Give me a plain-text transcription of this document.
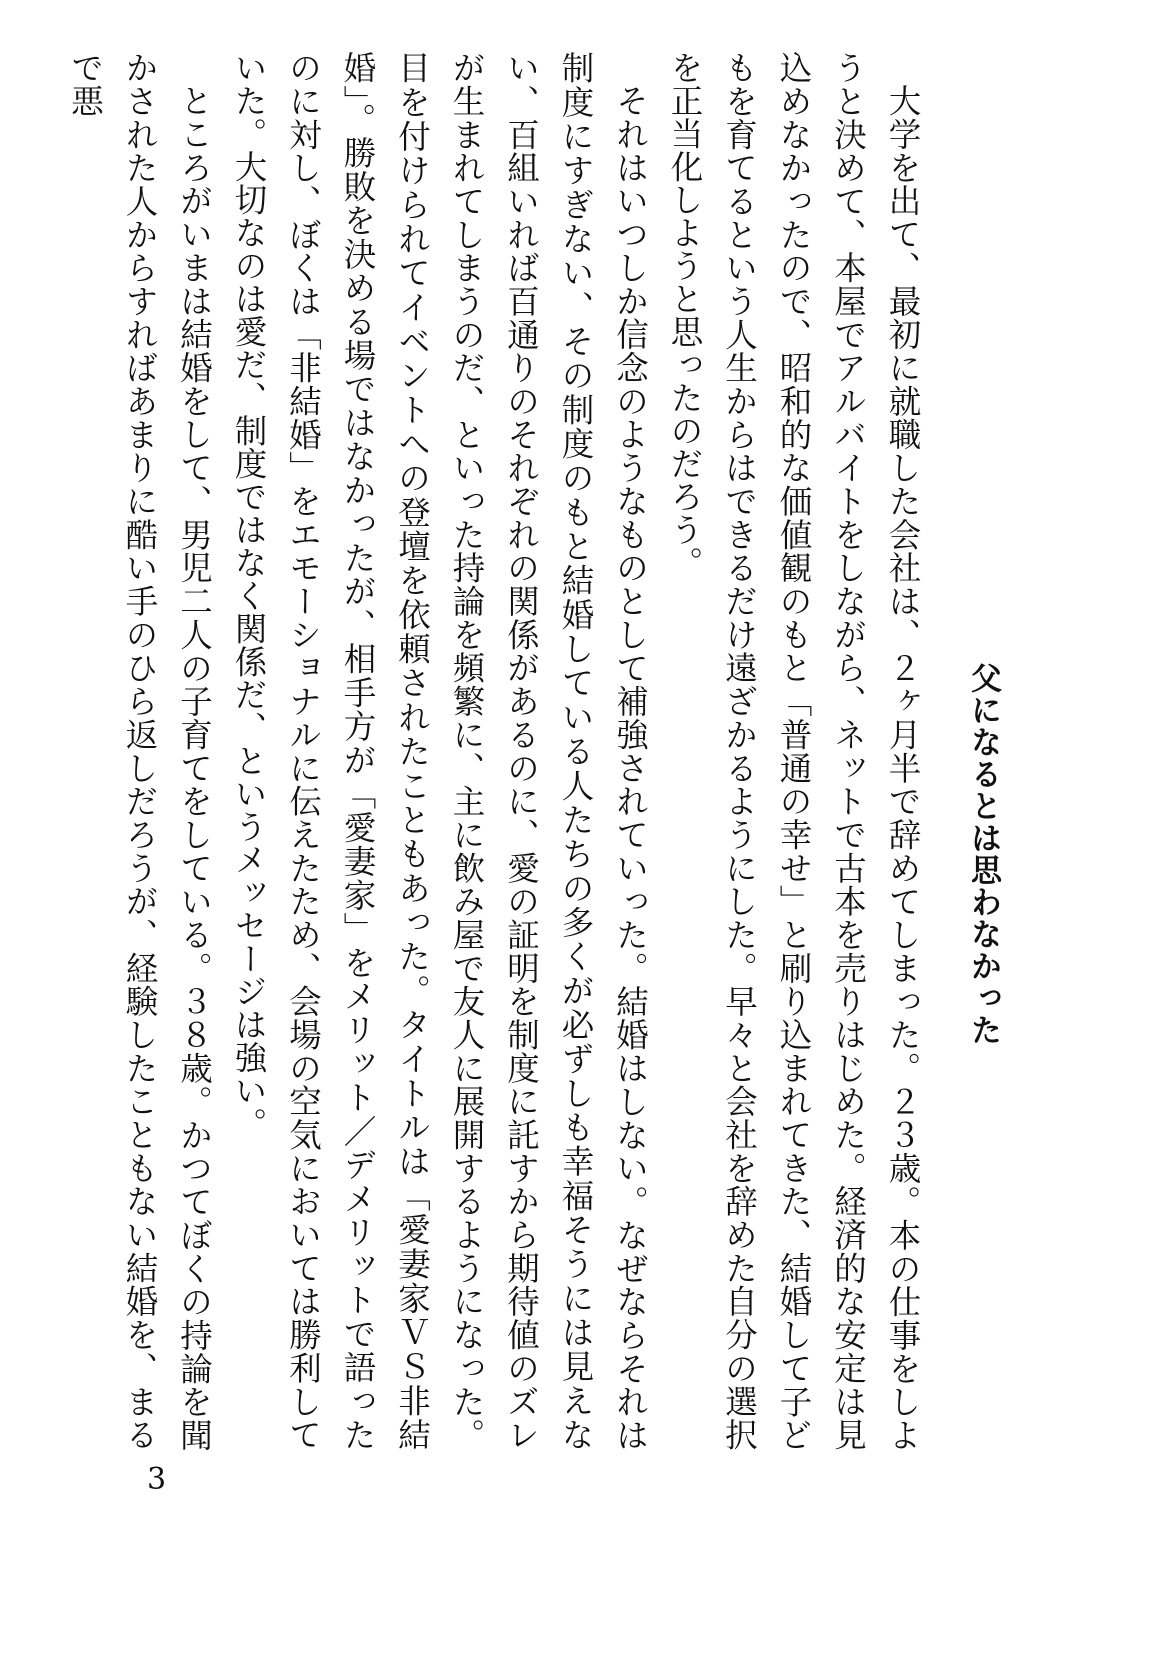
父になるとは思わなかった

大学を出て、最初に就職した会社は、２ヶ月半で辞めてしまった。２３歳。本の仕事をしようと決めて、本屋でアルバイトをしながら、ネットで古本を売りはじめた。経済的な安定は見込めなかったので、昭和的な価値観のもと「普通の幸せ」と刷り込まれてきた、結婚して子どもを育てるという人生からはできるだけ遠ざかるようにした。早々と会社を辞めた自分の選択を正当化しようと思ったのだろう。

それはいつしか信念のようなものとして補強されていった。結婚はしない。なぜならそれは制度にすぎない、その制度のもと結婚している人たちの多くが必ずしも幸福そうには見えない、百組いれば百通りのそれぞれの関係があるのに、愛の証明を制度に託すから期待値のズレが生まれてしまうのだ、といった持論を頻繁に、主に飲み屋で友人に展開するようになった。目を付けられてイベントへの登壇を依頼されたこともあった。タイトルは「愛妻家ＶＳ非結婚」。勝敗を決める場ではなかったが、相手方が「愛妻家」をメリット／デメリットで語ったのに対し、ぼくは「非結婚」をエモーショナルに伝えたため、会場の空気においては勝利していた。大切なのは愛だ、制度ではなく関係だ、というメッセージは強い。

ところがいまは結婚をして、男児二人の子育てをしている。３８歳。かつてぼくの持論を聞かされた人からすればあまりに酷い手のひら返しだろうが、経験したこともない結婚を、まるで悪

3
